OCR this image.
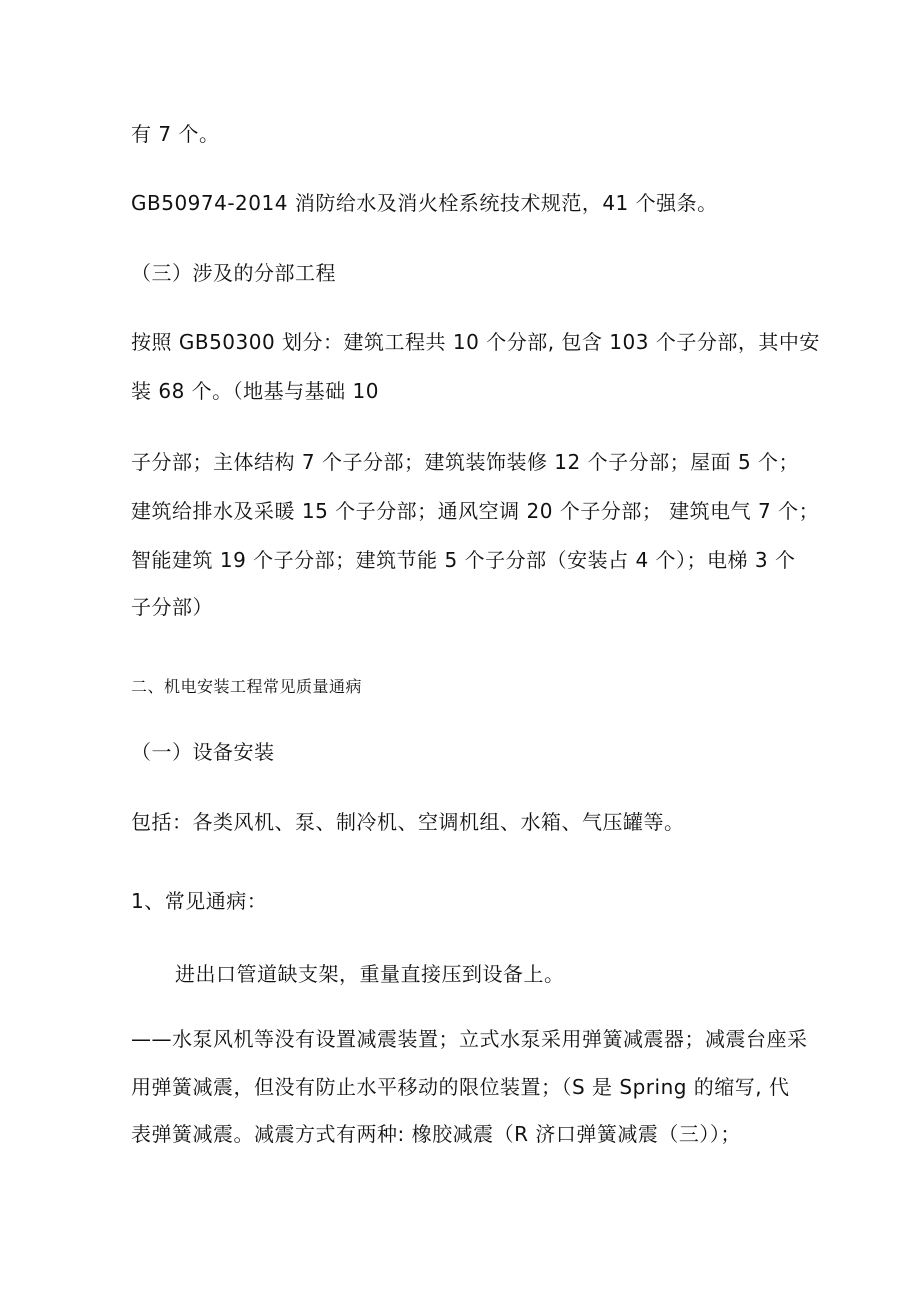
有 7 个。
GB50974-2014 消防给水及消火栓系统技术规范，41 个强条。
（三）涉及的分部工程
按照 GB50300 划分：建筑工程共 10 个分部, 包含 103 个子分部，其中安
装 68 个。（地基与基础 10
子分部；主体结构 7 个子分部；建筑装饰装修 12 个子分部；屋面 5 个；
建筑给排水及采暖 15 个子分部；通风空调 20 个子分部； 建筑电气 7 个；
智能建筑 19 个子分部；建筑节能 5 个子分部（安装占 4 个）；电梯 3 个
子分部）
二、机电安装工程常见质量通病
（一）设备安装
包括：各类风机、泵、制冷机、空调机组、水箱、气压罐等。
1、常见通病：
进出口管道缺支架，重量直接压到设备上。
——水泵风机等没有设置减震装置；立式水泵采用弹簧减震器；减震台座采
用弹簧减震，但没有防止水平移动的限位装置；（S 是 Spring 的缩写, 代
表弹簧减震。减震方式有两种: 橡胶减震（R 济口弹簧减震（三））；
